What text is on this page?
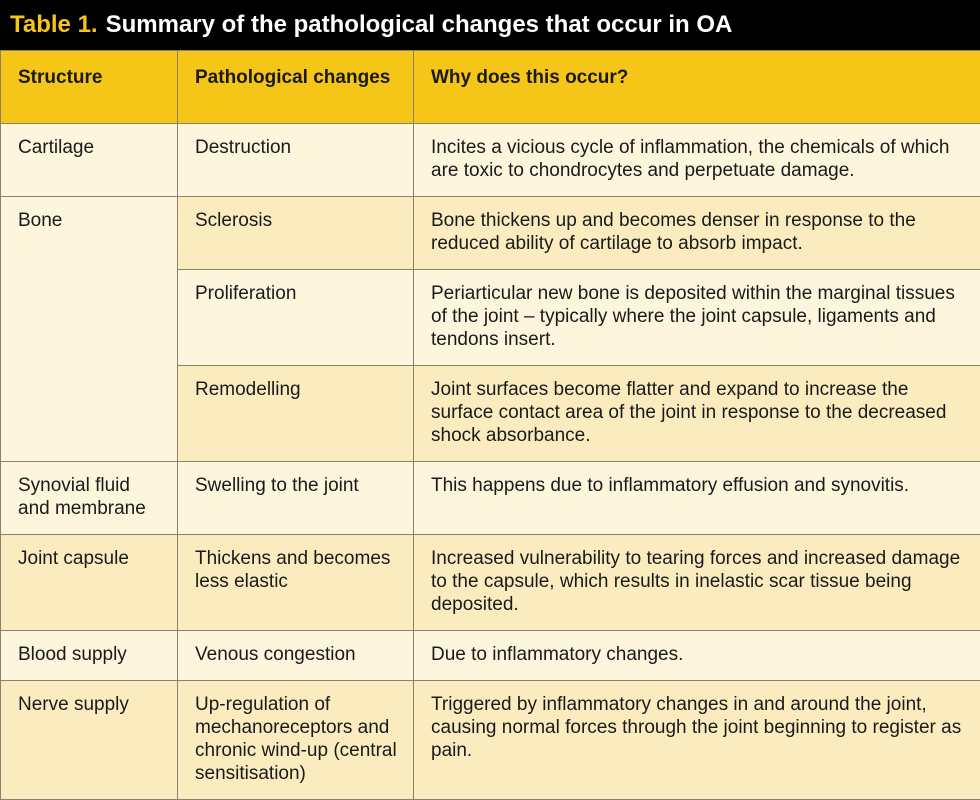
Table 1. Summary of the pathological changes that occur in OA
Structure	Pathological changes	Why does this occur?
Cartilage	Destruction	Incites a vicious cycle of inflammation, the chemicals of which are toxic to chondrocytes and perpetuate damage.
Bone	Sclerosis	Bone thickens up and becomes denser in response to the reduced ability of cartilage to absorb impact.
	Proliferation	Periarticular new bone is deposited within the marginal tissues of the joint – typically where the joint capsule, ligaments and tendons insert.
	Remodelling	Joint surfaces become flatter and expand to increase the surface contact area of the joint in response to the decreased shock absorbance.
Synovial fluid and membrane	Swelling to the joint	This happens due to inflammatory effusion and synovitis.
Joint capsule	Thickens and becomes less elastic	Increased vulnerability to tearing forces and increased damage to the capsule, which results in inelastic scar tissue being deposited.
Blood supply	Venous congestion	Due to inflammatory changes.
Nerve supply	Up-regulation of mechanoreceptors and chronic wind-up (central sensitisation)	Triggered by inflammatory changes in and around the joint, causing normal forces through the joint beginning to register as pain.
